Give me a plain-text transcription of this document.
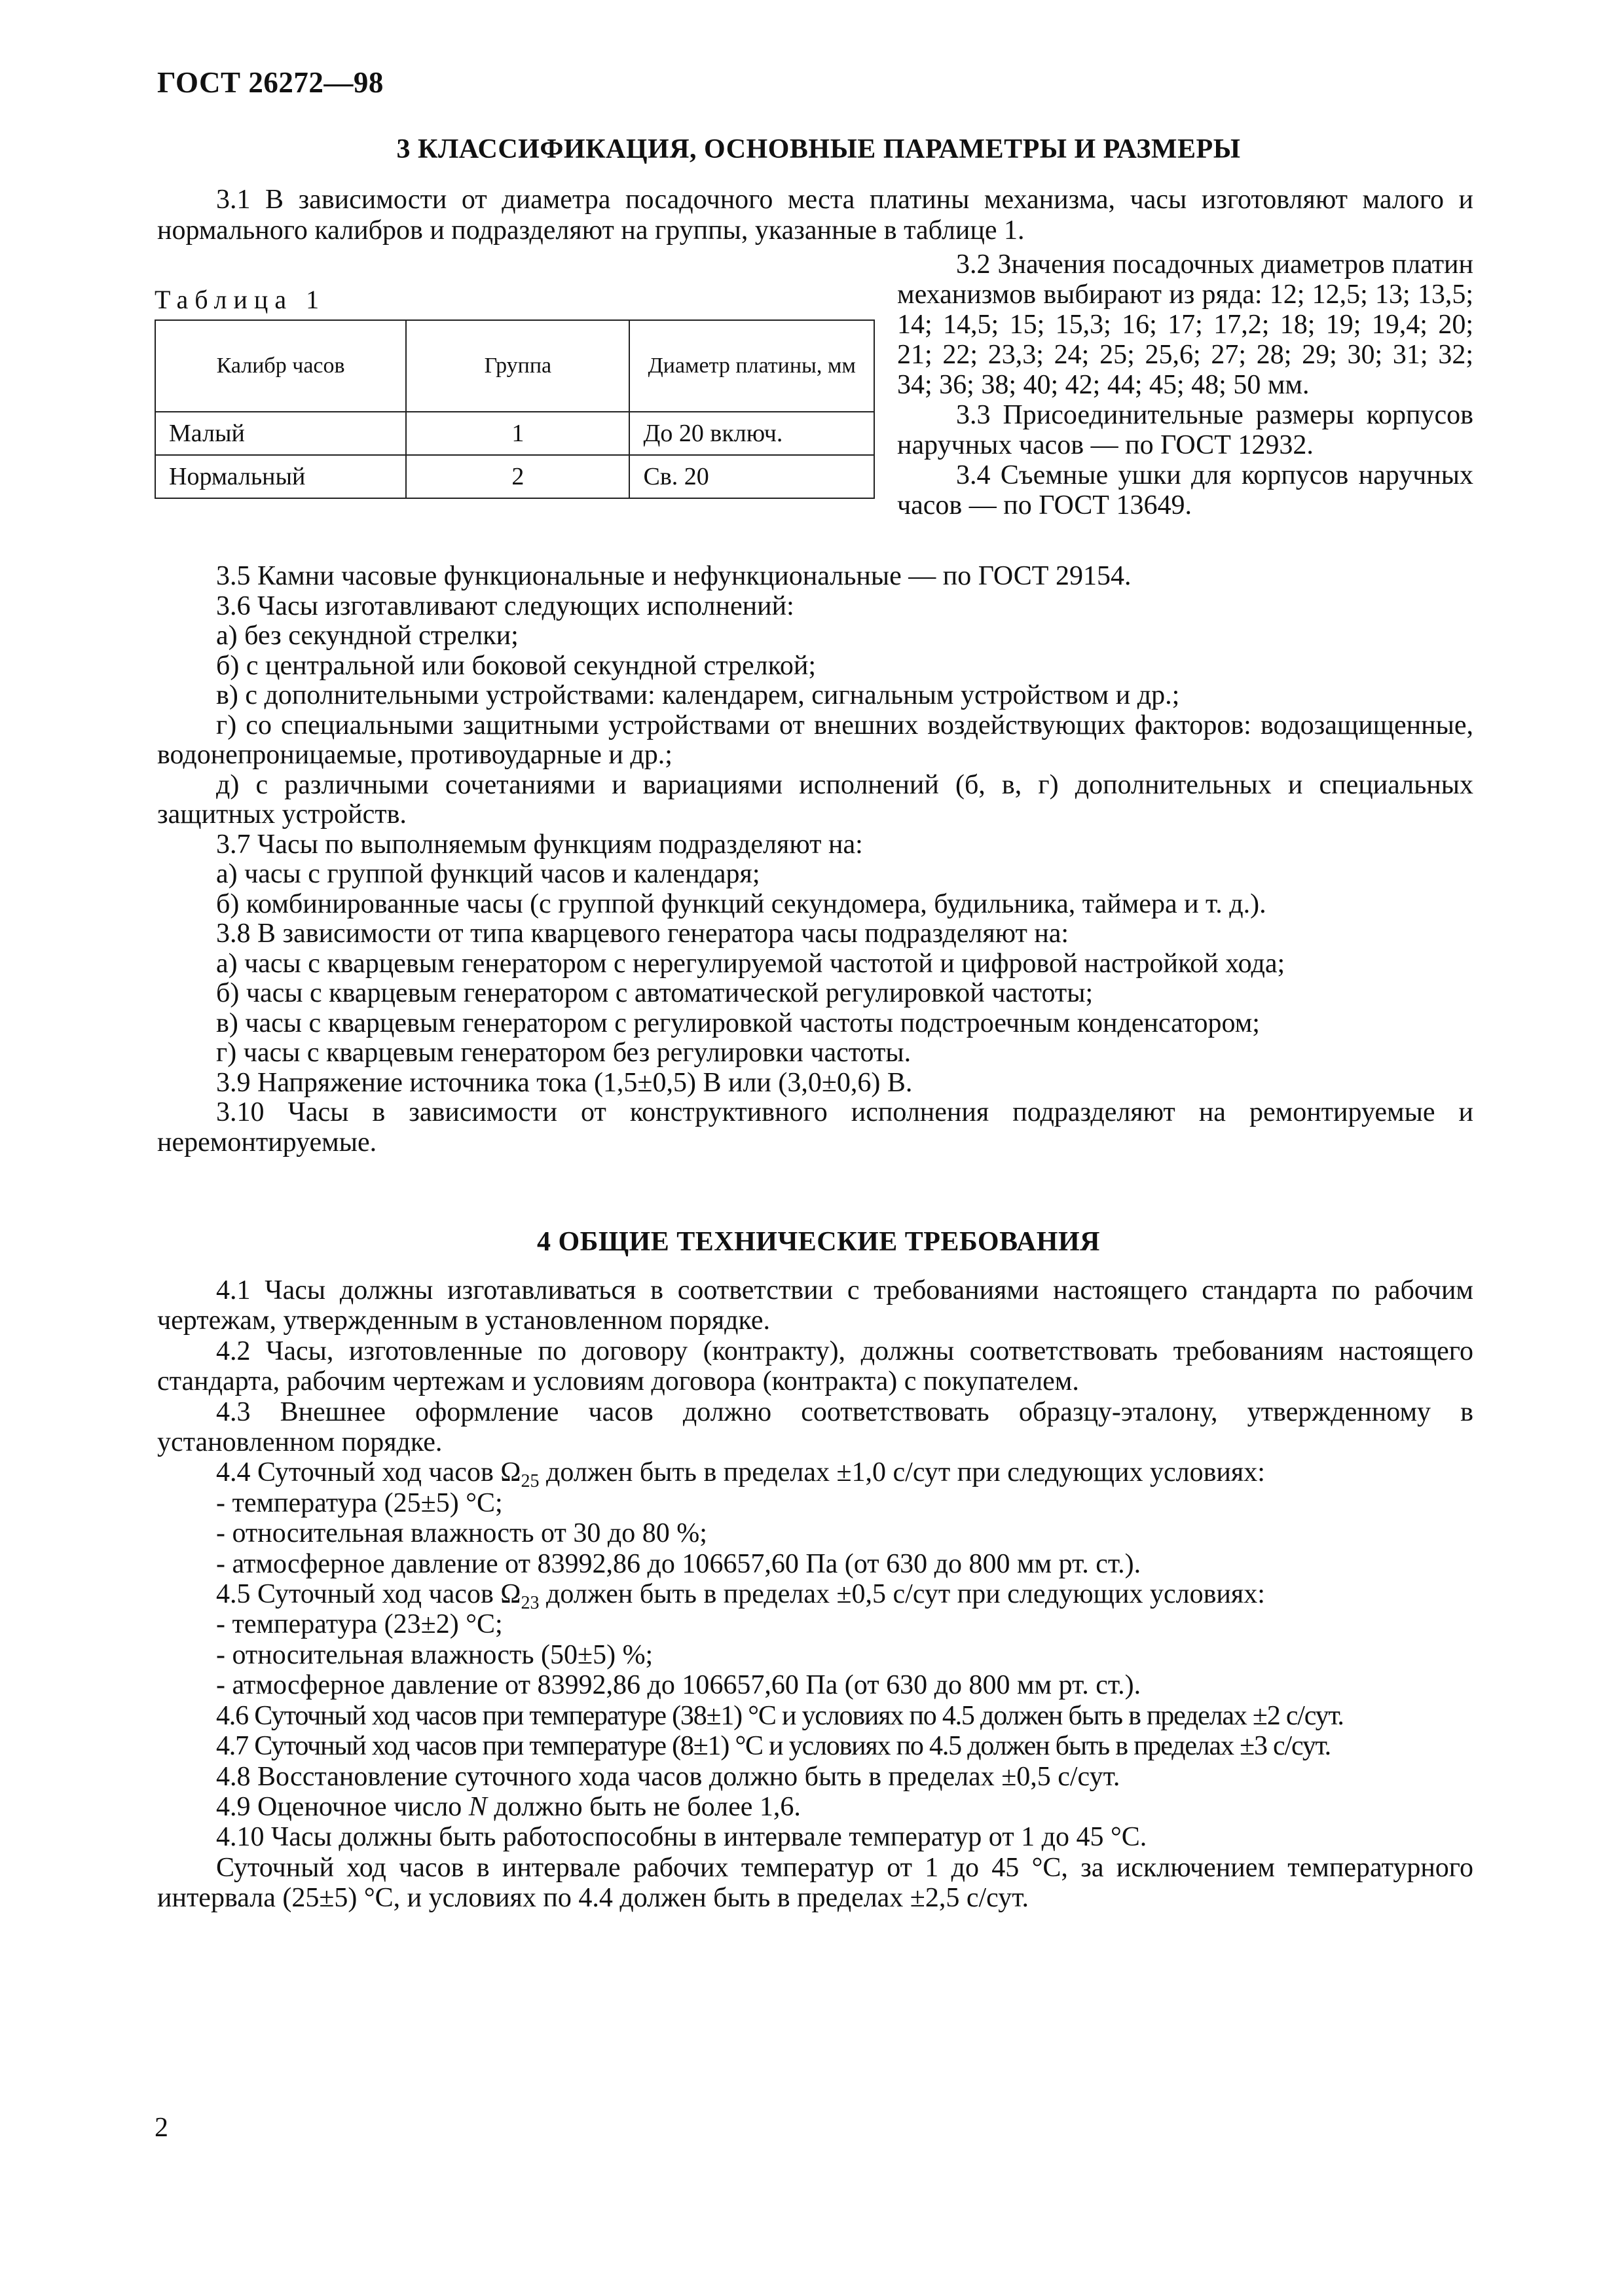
ГОСТ 26272—98
3 КЛАССИФИКАЦИЯ, ОСНОВНЫЕ ПАРАМЕТРЫ И РАЗМЕРЫ

3.1 В зависимости от диаметра посадочного места платины механизма, часы изготовляют малого и нормального калибров и подразделяют на группы, указанные в таблице 1.

Таблица 1
Калибр часов	Группа	Диаметр платины, мм
Малый	1	До 20 включ.
Нормальный	2	Св. 20

3.2 Значения посадочных диаметров платин механизмов выбирают из ряда: 12; 12,5; 13; 13,5; 14; 14,5; 15; 15,3; 16; 17; 17,2; 18; 19; 19,4; 20; 21; 22; 23,3; 24; 25; 25,6; 27; 28; 29; 30; 31; 32; 34; 36; 38; 40; 42; 44; 45; 48; 50 мм.

3.3 Присоединительные размеры корпусов наручных часов — по ГОСТ 12932.

3.4 Съемные ушки для корпусов наручных часов — по ГОСТ 13649.

3.5 Камни часовые функциональные и нефункциональные — по ГОСТ 29154.

3.6 Часы изготавливают следующих исполнений:

а) без секундной стрелки;

б) с центральной или боковой секундной стрелкой;

в) с дополнительными устройствами: календарем, сигнальным устройством и др.;

г) со специальными защитными устройствами от внешних воздействующих факторов: водозащищенные, водонепроницаемые, противоударные и др.;

д) с различными сочетаниями и вариациями исполнений (б, в, г) дополнительных и специальных защитных устройств.

3.7 Часы по выполняемым функциям подразделяют на:

а) часы с группой функций часов и календаря;

б) комбинированные часы (с группой функций секундомера, будильника, таймера и т. д.).

3.8 В зависимости от типа кварцевого генератора часы подразделяют на:

а) часы с кварцевым генератором с нерегулируемой частотой и цифровой настройкой хода;

б) часы с кварцевым генератором с автоматической регулировкой частоты;

в) часы с кварцевым генератором с регулировкой частоты подстроечным конденсатором;

г) часы с кварцевым генератором без регулировки частоты.

3.9 Напряжение источника тока (1,5±0,5) В или (3,0±0,6) В.

3.10 Часы в зависимости от конструктивного исполнения подразделяют на ремонтируемые и неремонтируемые.

4 ОБЩИЕ ТЕХНИЧЕСКИЕ ТРЕБОВАНИЯ

4.1 Часы должны изготавливаться в соответствии с требованиями настоящего стандарта по рабочим чертежам, утвержденным в установленном порядке.

4.2 Часы, изготовленные по договору (контракту), должны соответствовать требованиям настоящего стандарта, рабочим чертежам и условиям договора (контракта) с покупателем.

4.3 Внешнее оформление часов должно соответствовать образцу-эталону, утвержденному в установленном порядке.

4.4 Суточный ход часов $\Omega_{25}$ должен быть в пределах ±1,0 с/сут при следующих условиях:

- температура (25±5) °С;

- относительная влажность от 30 до 80 %;

- атмосферное давление от 83992,86 до 106657,60 Па (от 630 до 800 мм рт. ст.).

4.5 Суточный ход часов $\Omega_{23}$ должен быть в пределах ±0,5 с/сут при следующих условиях:

- температура (23±2) °С;

- относительная влажность (50±5) %;

- атмосферное давление от 83992,86 до 106657,60 Па (от 630 до 800 мм рт. ст.).

4.6 Суточный ход часов при температуре (38±1) °С и условиях по 4.5 должен быть в пределах ±2 с/сут.

4.7 Суточный ход часов при температуре (8±1) °С и условиях по 4.5 должен быть в пределах ±3 с/сут.

4.8 Восстановление суточного хода часов должно быть в пределах ±0,5 с/сут.

4.9 Оценочное число N должно быть не более 1,6.

4.10 Часы должны быть работоспособны в интервале температур от 1 до 45 °С.

Суточный ход часов в интервале рабочих температур от 1 до 45 °С, за исключением температурного интервала (25±5) °С, и условиях по 4.4 должен быть в пределах ±2,5 с/сут.

2
